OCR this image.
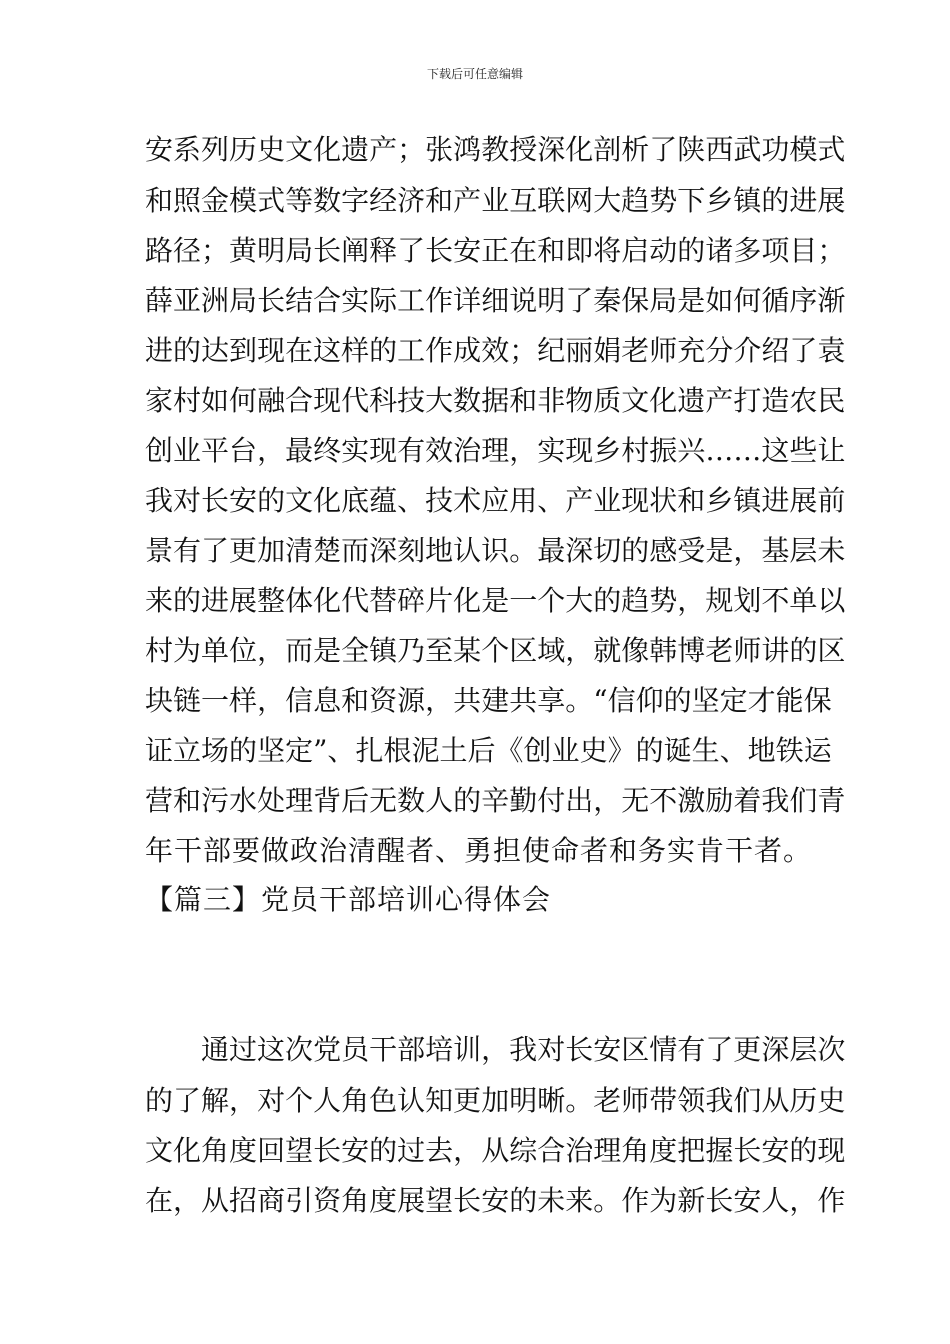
下载后可任意编辑
安 系 列 历 史 文 化 遗 产 ； 张 鸿 教 授 深 化 剖 析 了 陕 西 武 功 模 式
和 照 金 模 式 等 数 字 经 济 和 产 业 互 联 网 大 趋 势 下 乡 镇 的 进 展
路 径 ； 黄 明 局 长 阐 释 了 长 安 正 在 和 即 将 启 动 的 诸 多 项 目 ；
薛 亚 洲 局 长 结 合 实 际 工 作 详 细 说 明 了 秦 保 局 是 如 何 循 序 渐
进 的 达 到 现 在 这 样 的 工 作 成 效 ； 纪 丽 娟 老 师 充 分 介 绍 了 袁
家 村 如 何 融 合 现 代 科 技 大 数 据 和 非 物 质 文 化 遗 产 打 造 农 民
创 业 平 台 ， 最 终 实 现 有 效 治 理 ， 实 现 乡 村 振 兴 … … 这 些 让
我 对 长 安 的 文 化 底 蕴 、 技 术 应 用 、 产 业 现 状 和 乡 镇 进 展 前
景 有 了 更 加 清 楚 而 深 刻 地 认 识 。 最 深 切 的 感 受 是 ， 基 层 未
来 的 进 展 整 体 化 代 替 碎 片 化 是 一 个 大 的 趋 势 ， 规 划 不 单 以
村 为 单 位 ， 而 是 全 镇 乃 至 某 个 区 域 ， 就 像 韩 博 老 师 讲 的 区
块 链 一 样 ， 信 息 和 资 源 ， 共 建 共 享 。 “ 信 仰 的 坚 定 才 能 保
证 立 场 的 坚 定 ” 、 扎 根 泥 土 后 《 创 业 史 》 的 诞 生 、 地 铁 运
营 和 污 水 处 理 背 后 无 数 人 的 辛 勤 付 出 ， 无 不 激 励 着 我 们 青
年干部要做政治清醒者、勇担使命者和务实肯干者。
【篇三】党员干部培训心得体会
通 过 这 次 党 员 干 部 培 训 ， 我 对 长 安 区 情 有 了 更 深 层 次
的 了 解 ， 对 个 人 角 色 认 知 更 加 明 晰 。 老 师 带 领 我 们 从 历 史
文 化 角 度 回 望 长 安 的 过 去 ， 从 综 合 治 理 角 度 把 握 长 安 的 现
在 ， 从 招 商 引 资 角 度 展 望 长 安 的 未 来 。 作 为 新 长 安 人 ， 作
